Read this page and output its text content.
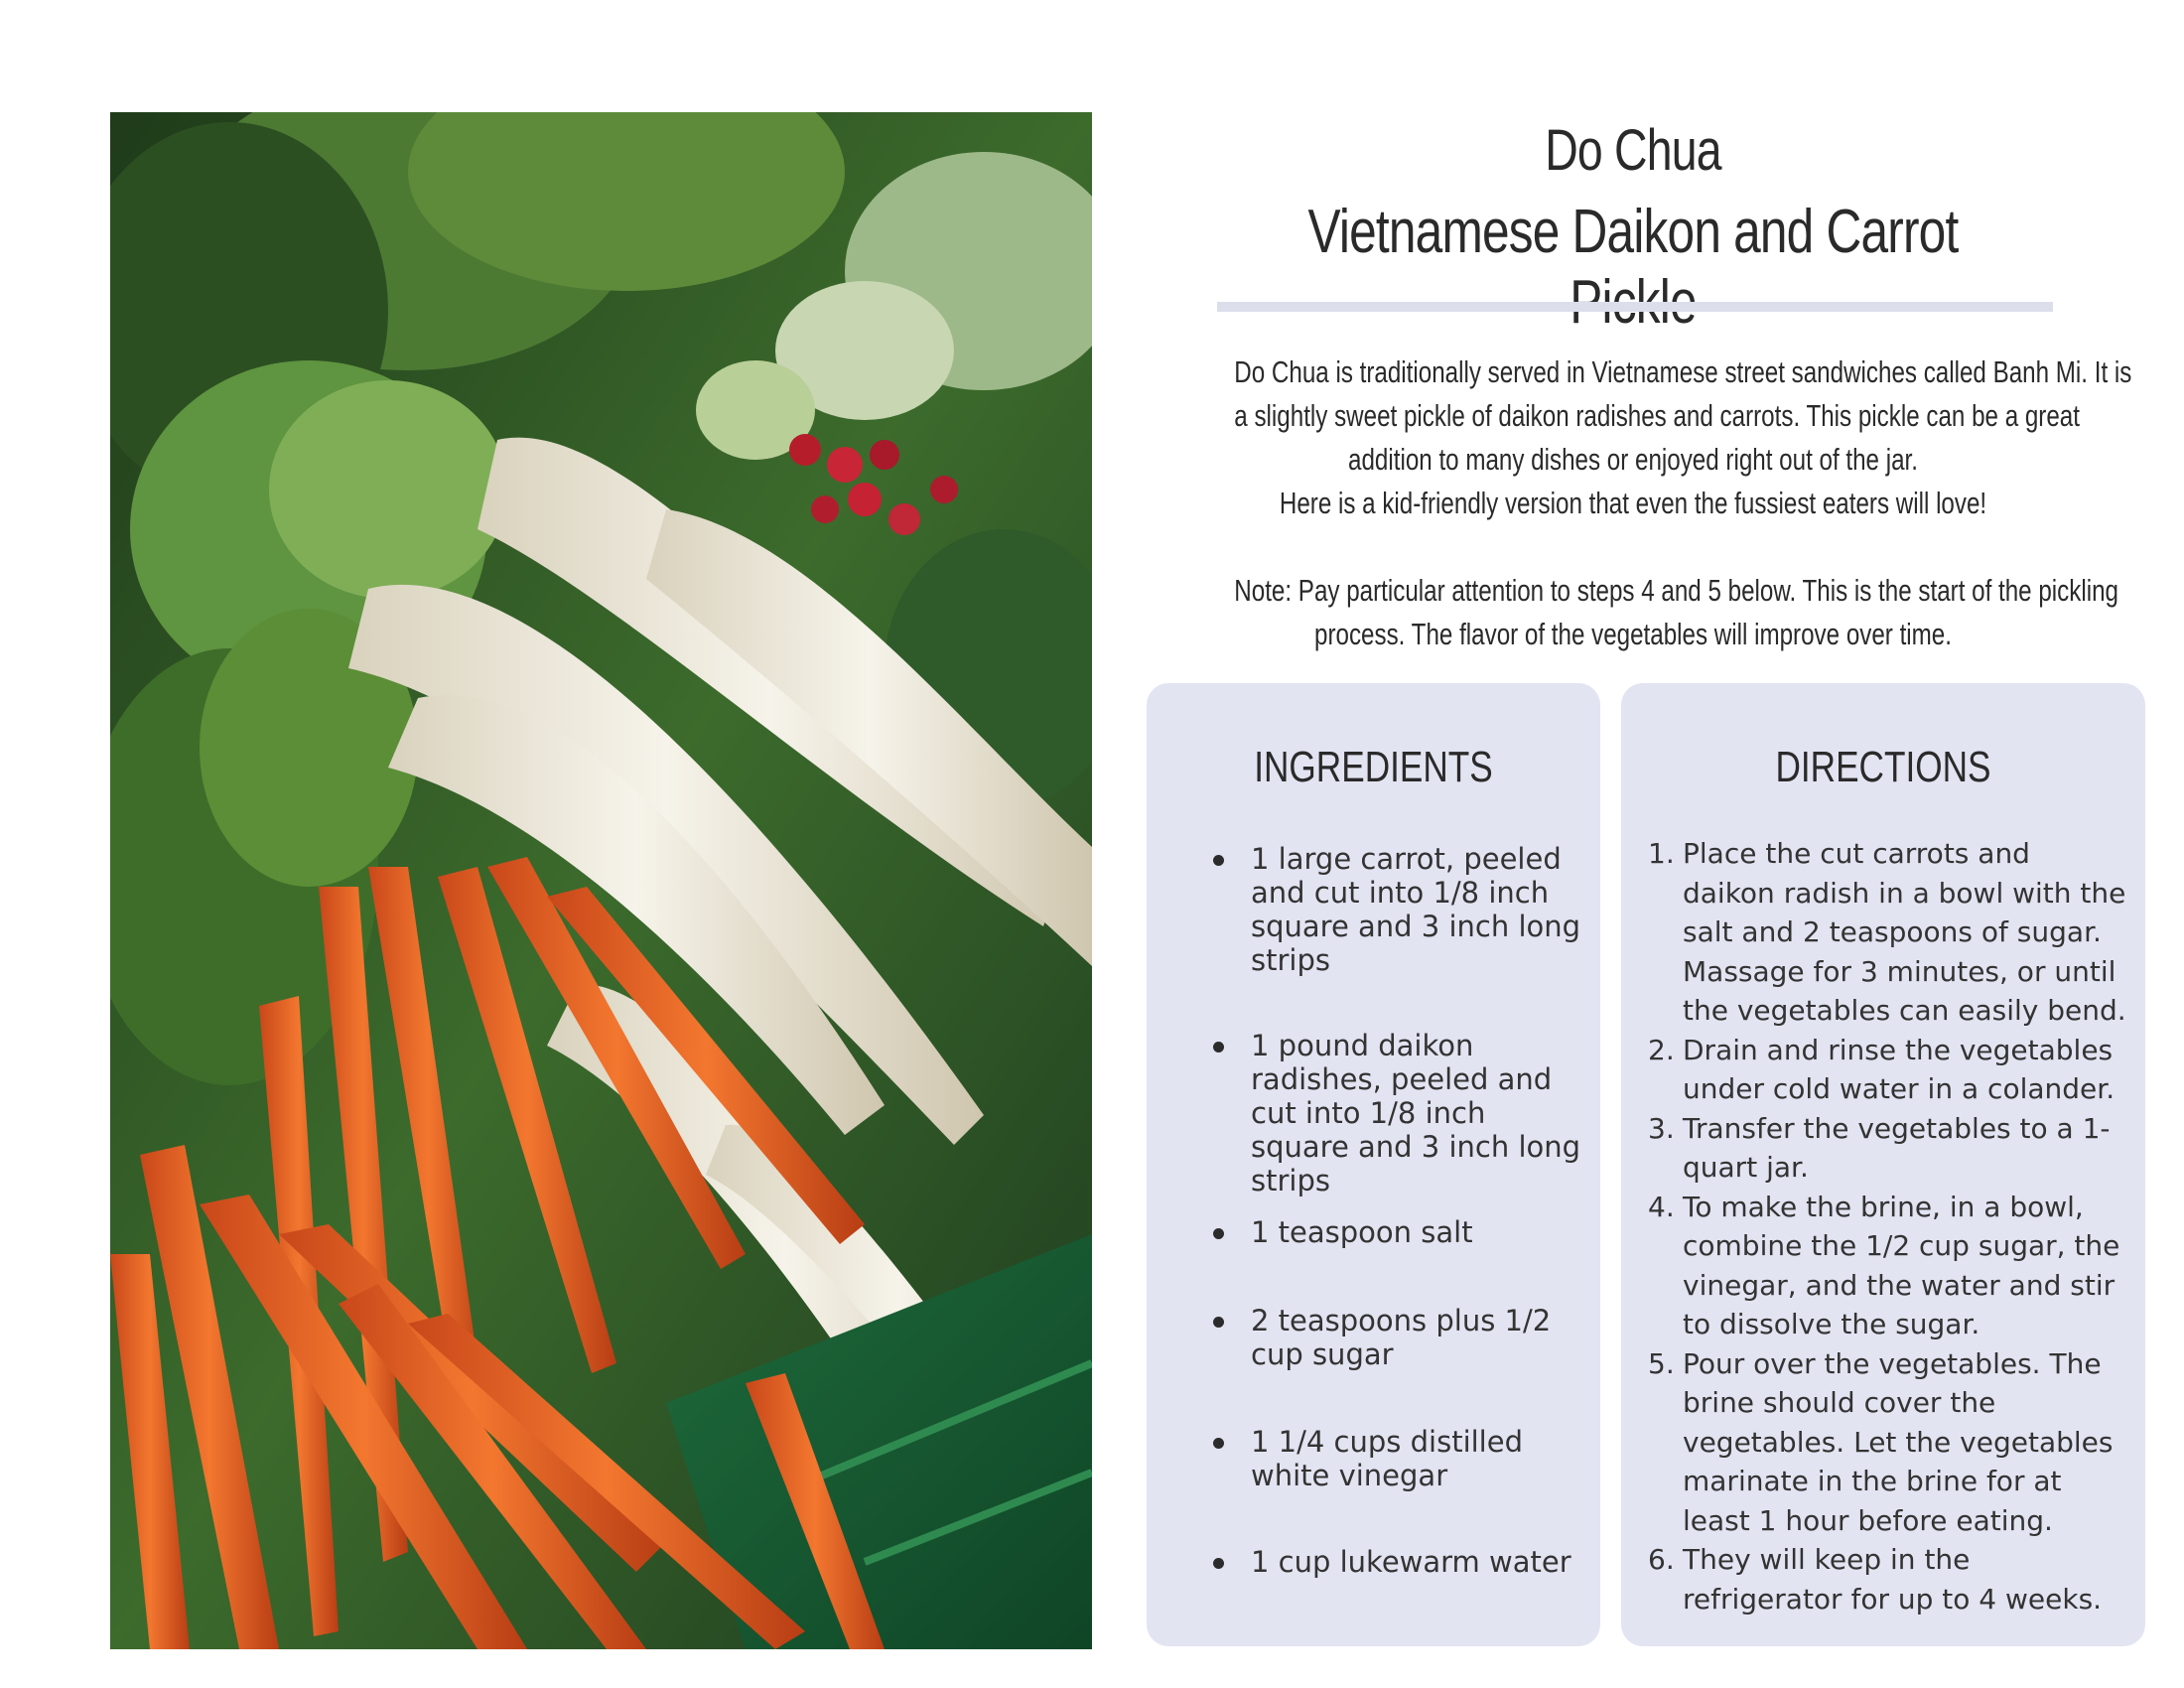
Do Chua
Vietnamese Daikon and Carrot

Do Chua is traditionally served in Vietnamese street sandwiches called Banh Mi. It is

a slightly sweet pickle of daikon radishes and carrots. This pickle can be a great

addition to many dishes or enjoyed right out of the jar.

Here is a kid-friendly version that even the fussiest eaters will love!

Note: Pay particular attention to steps 4 and 5 below. This is the start of the pickling

process. The flavor of the vegetables will improve over time.

INGREDIENTS
1 large carrot, peeled and cut into 1/8 inch square and 3 inch long strips
1 pound daikon radishes, peeled and cut into 1/8 inch square and 3 inch long strips
1 teaspoon salt
2 teaspoons plus 1/2 cup sugar
1 1/4 cups distilled white vinegar
1 cup lukewarm water
DIRECTIONS
1. Place the cut carrots and daikon radish in a bowl with the salt and 2 teaspoons of sugar. Massage for 3 minutes, or until the vegetables can easily bend.
2. Drain and rinse the vegetables under cold water in a colander.
3. Transfer the vegetables to a 1-quart jar.
4. To make the brine, in a bowl, combine the 1/2 cup sugar, the vinegar, and the water and stir to dissolve the sugar.
5. Pour over the vegetables. The brine should cover the vegetables. Let the vegetables marinate in the brine for at least 1 hour before eating.
6. They will keep in the refrigerator for up to 4 weeks.
